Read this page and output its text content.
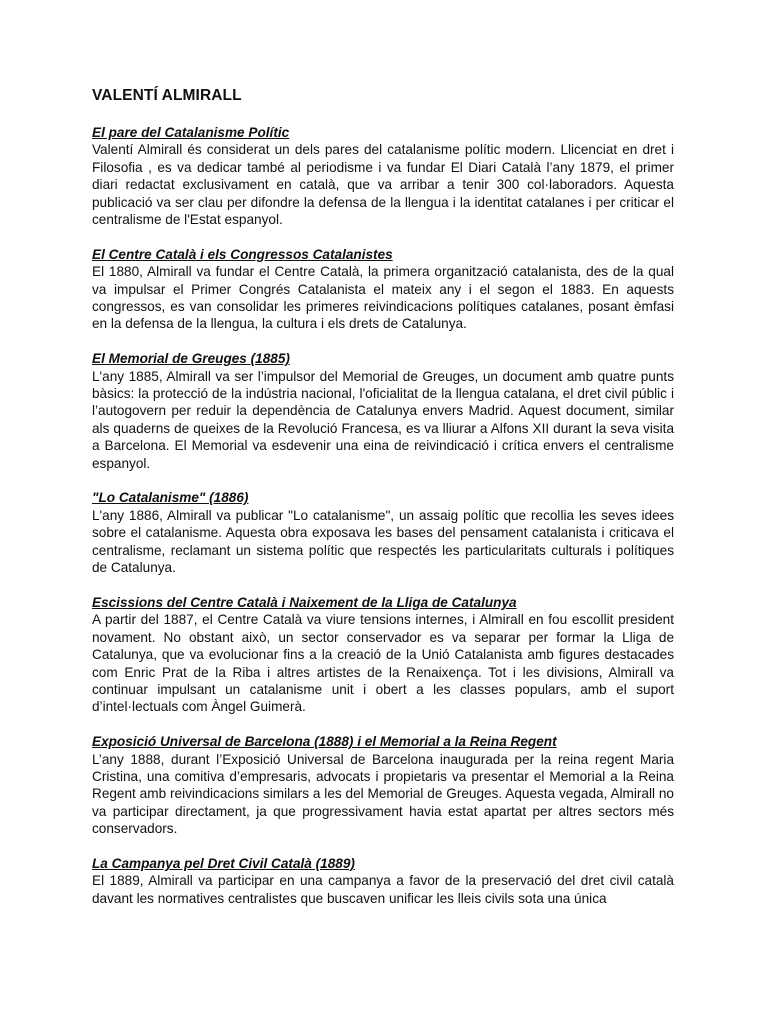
VALENTÍ ALMIRALL

El pare del Catalanisme Polític

Valentí Almirall és considerat un dels pares del catalanisme polític modern. Llicenciat en dret i Filosofia , es va dedicar també al periodisme i va fundar El Diari Català l’any 1879, el primer diari redactat exclusivament en català, que va arribar a tenir 300 col·laboradors. Aquesta publicació va ser clau per difondre la defensa de la llengua i la identitat catalanes i per criticar el centralisme de l'Estat espanyol.

El Centre Català i els Congressos Catalanistes

El 1880, Almirall va fundar el Centre Català, la primera organització catalanista, des de la qual va impulsar el Primer Congrés Catalanista el mateix any i el segon el 1883. En aquests congressos, es van consolidar les primeres reivindicacions polítiques catalanes, posant èmfasi en la defensa de la llengua, la cultura i els drets de Catalunya.

El Memorial de Greuges (1885)

L'any 1885, Almirall va ser l’impulsor del Memorial de Greuges, un document amb quatre punts bàsics: la protecció de la indústria nacional, l'oficialitat de la llengua catalana, el dret civil públic i l’autogovern per reduir la dependència de Catalunya envers Madrid. Aquest document, similar als quaderns de queixes de la Revolució Francesa, es va lliurar a Alfons XII durant la seva visita a Barcelona. El Memorial va esdevenir una eina de reivindicació i crítica envers el centralisme espanyol.

"Lo Catalanisme" (1886)

L'any 1886, Almirall va publicar "Lo catalanisme", un assaig polític que recollia les seves idees sobre el catalanisme. Aquesta obra exposava les bases del pensament catalanista i criticava el centralisme, reclamant un sistema polític que respectés les particularitats culturals i polítiques de Catalunya.

Escissions del Centre Català i Naixement de la Lliga de Catalunya

A partir del 1887, el Centre Català va viure tensions internes, i Almirall en fou escollit president novament. No obstant això, un sector conservador es va separar per formar la Lliga de Catalunya, que va evolucionar fins a la creació de la Unió Catalanista amb figures destacades com Enric Prat de la Riba i altres artistes de la Renaixença. Tot i les divisions, Almirall va continuar impulsant un catalanisme unit i obert a les classes populars, amb el suport d’intel·lectuals com Àngel Guimerà.

Exposició Universal de Barcelona (1888) i el Memorial a la Reina Regent

L’any 1888, durant l’Exposició Universal de Barcelona inaugurada per la reina regent Maria Cristina, una comitiva d’empresaris, advocats i propietaris va presentar el Memorial a la Reina Regent amb reivindicacions similars a les del Memorial de Greuges. Aquesta vegada, Almirall no va participar directament, ja que progressivament havia estat apartat per altres sectors més conservadors.

La Campanya pel Dret Civil Català (1889)

El 1889, Almirall va participar en una campanya a favor de la preservació del dret civil català davant les normatives centralistes que buscaven unificar les lleis civils sota una única
